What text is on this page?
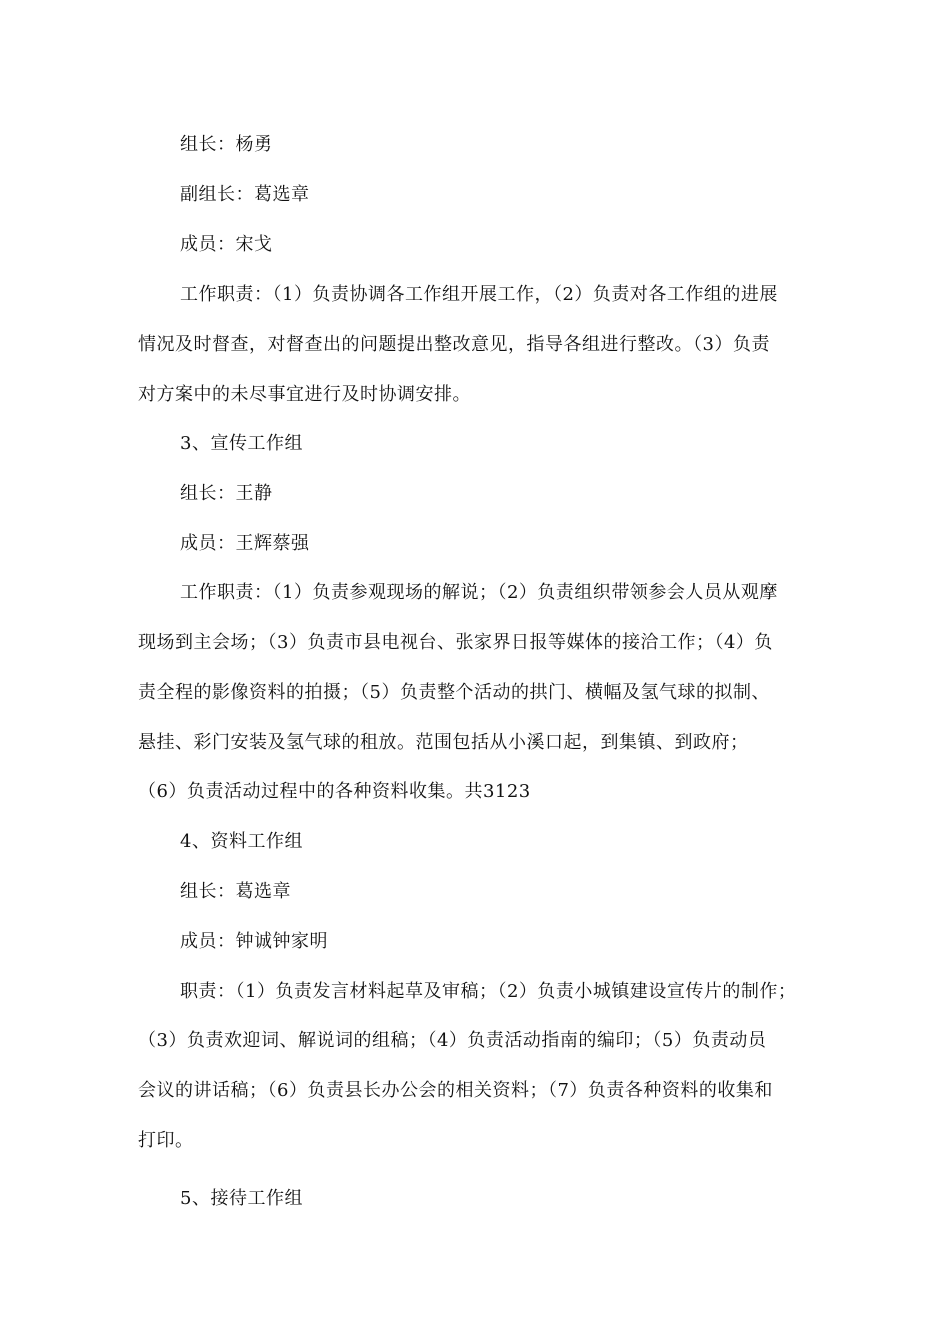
组长：杨勇
副组长：葛选章
成员：宋戈
工作职责：（1）负责协调各工作组开展工作，（2）负责对各工作组的进展
情况及时督查，对督查出的问题提出整改意见，指导各组进行整改。（3）负责
对方案中的未尽事宜进行及时协调安排。
3、宣传工作组
组长：王静
成员：王辉蔡强
工作职责：（1）负责参观现场的解说；（2）负责组织带领参会人员从观摩
现场到主会场；（3）负责市县电视台、张家界日报等媒体的接洽工作；（4）负
责全程的影像资料的拍摄；（5）负责整个活动的拱门、横幅及氢气球的拟制、
悬挂、彩门安装及氢气球的租放。范围包括从小溪口起，到集镇、到政府；
（6）负责活动过程中的各种资料收集。共3123
4、资料工作组
组长：葛选章
成员：钟诚钟家明
职责：（1）负责发言材料起草及审稿；（2）负责小城镇建设宣传片的制作；
（3）负责欢迎词、解说词的组稿；（4）负责活动指南的编印；（5）负责动员
会议的讲话稿；（6）负责县长办公会的相关资料；（7）负责各种资料的收集和
打印。
5、接待工作组
